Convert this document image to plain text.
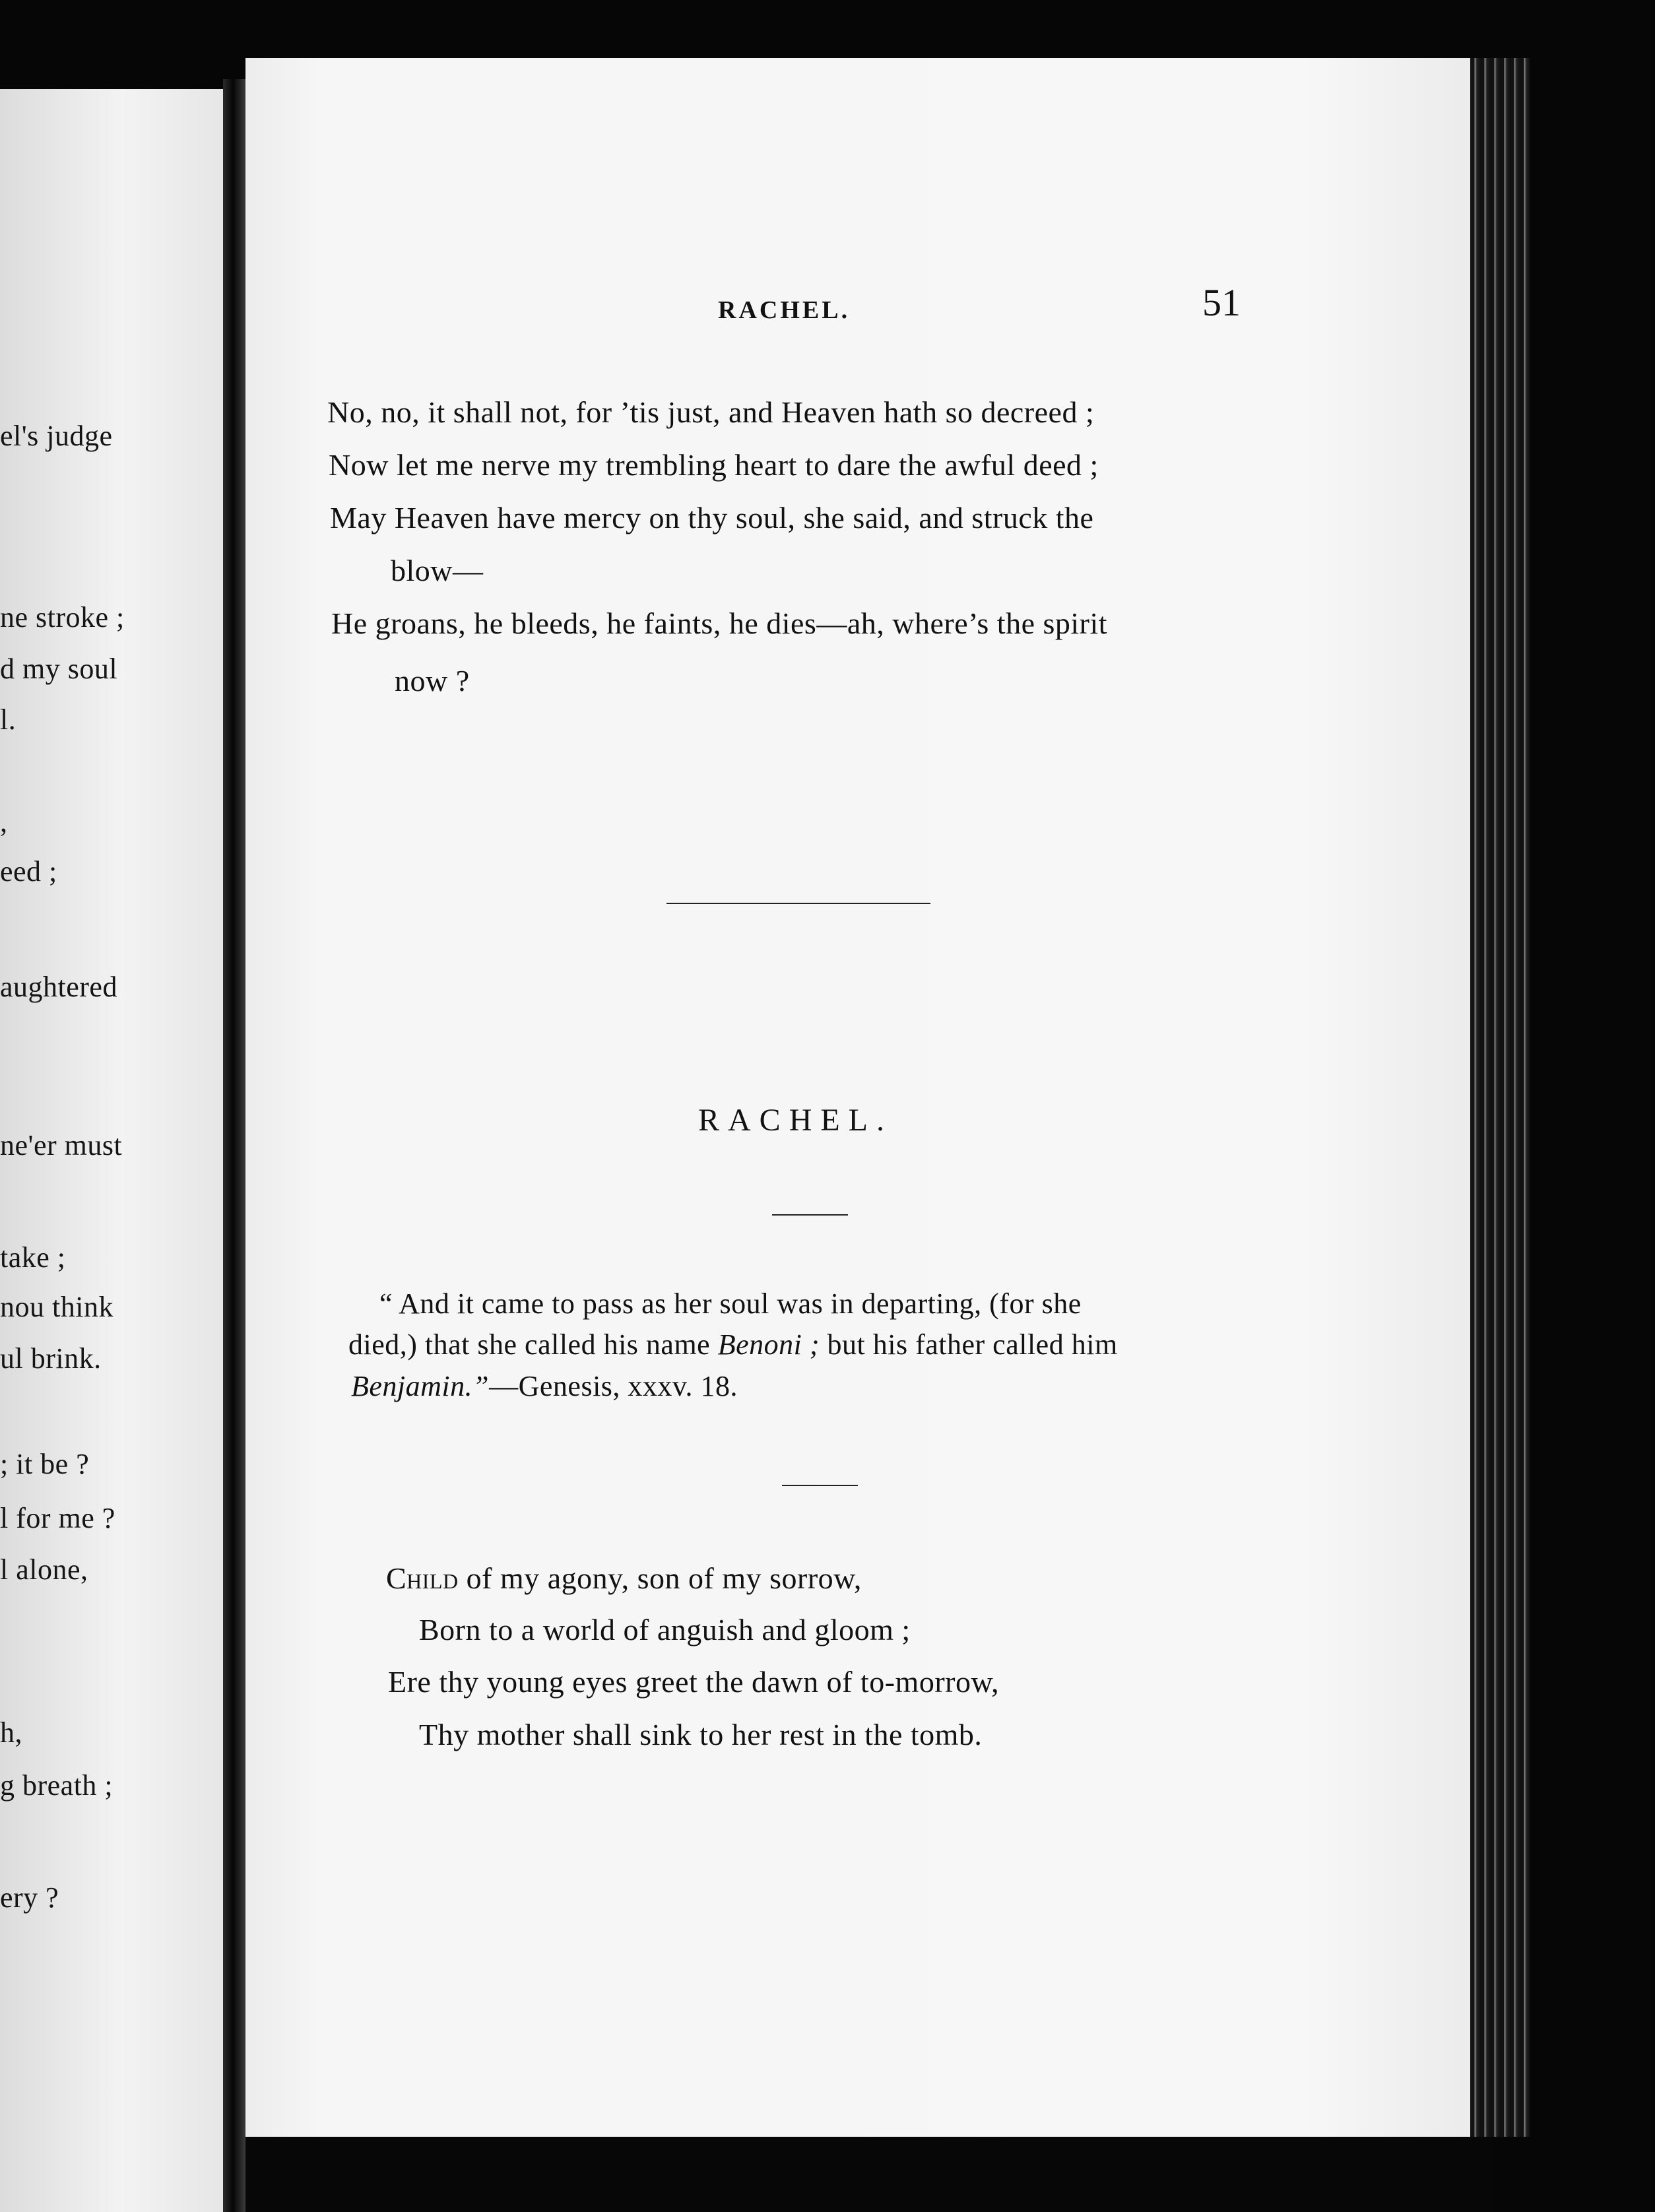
el's judge
ne stroke ;
d my soul
l.
,
eed ;
aughtered
ne'er must
take ;
nou think
ul brink.
; it be ?
l for me ?
l alone,
h,
g breath ;
ery ?
RACHEL.	51
No, no, it shall not, for ’tis just, and Heaven hath so decreed ;
Now let me nerve my trembling heart to dare the awful deed ;
May Heaven have mercy on thy soul, she said, and struck the
blow—
He groans, he bleeds, he faints, he dies—ah, where’s the spirit
now ?
RACHEL.
“ And it came to pass as her soul was in departing, (for she
died,) that she called his name Benoni ; but his father called him
Benjamin.”—Genesis, xxxv. 18.
Child of my agony, son of my sorrow,
Born to a world of anguish and gloom ;
Ere thy young eyes greet the dawn of to-morrow,
Thy mother shall sink to her rest in the tomb.
